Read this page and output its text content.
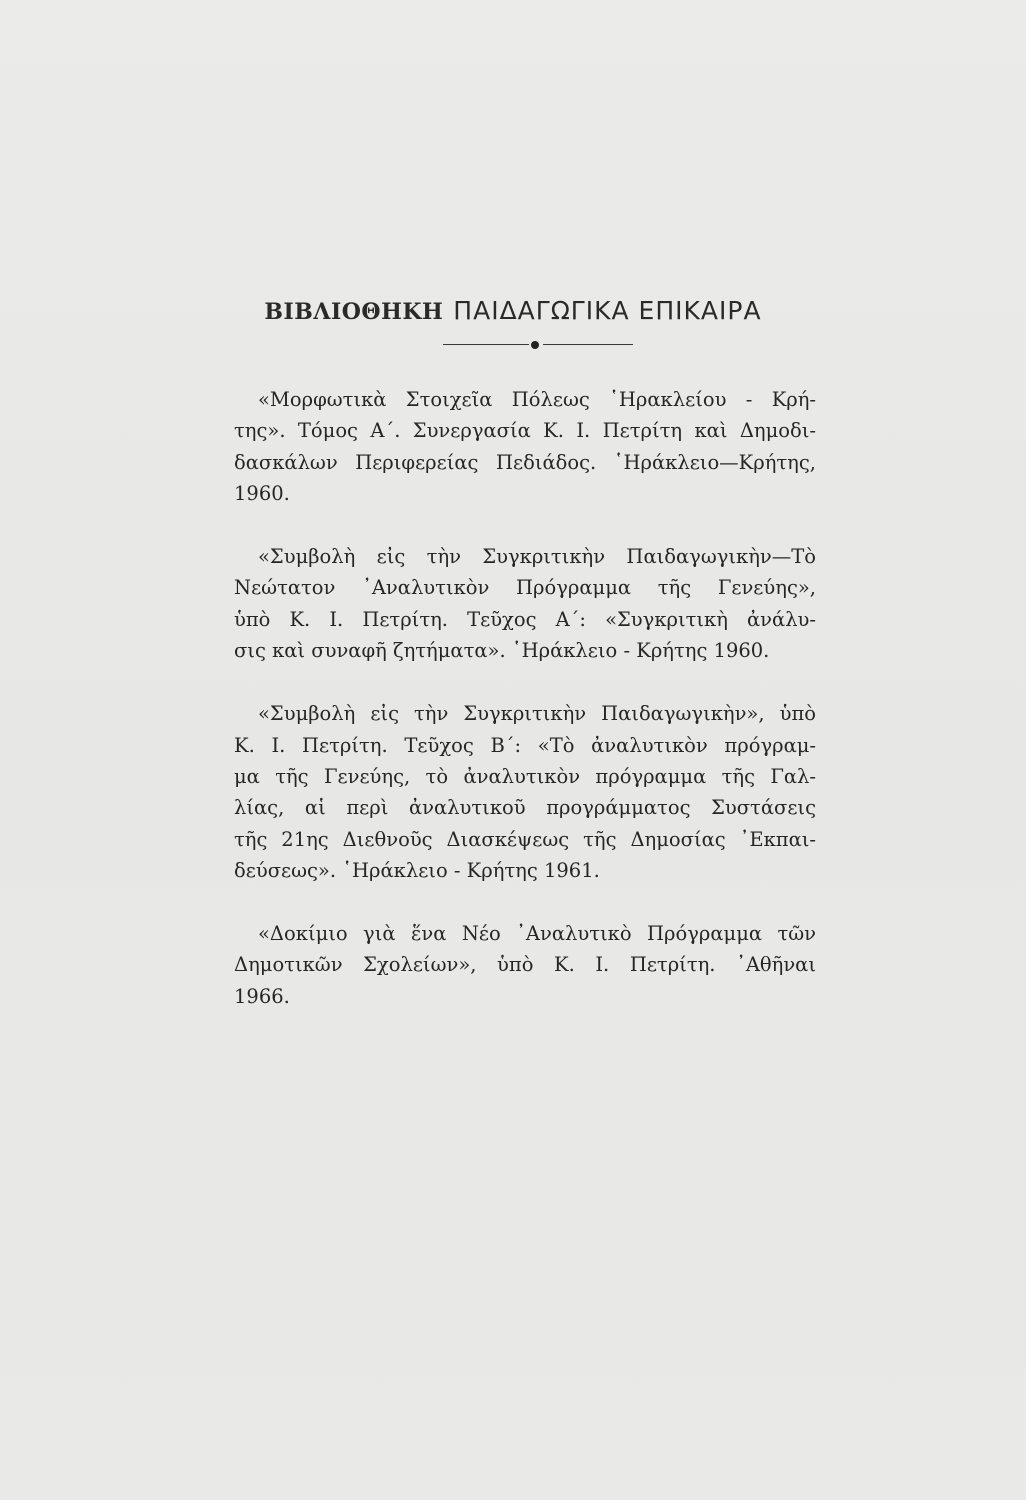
ΒΙΒΛΙΟΘΗΚΗ ΠΑΙΔΑΓΩΓΙΚΑ ΕΠΙΚΑΙΡΑ
«Μορφωτικὰ Στοιχεῖα Πόλεως ῾Ηρακλείου - Κρή-
της». Τόμος Α΄. Συνεργασία Κ. Ι. Πετρίτη καὶ Δημοδι-
δασκάλων Περιφερείας Πεδιάδος. ῾Ηράκλειο—Κρήτης,
1960.
«Συμβολὴ εἰς τὴν Συγκριτικὴν Παιδαγωγικὴν—Τὸ
Νεώτατον ᾿Αναλυτικὸν Πρόγραμμα τῆς Γενεύης»,
ὑπὸ Κ. Ι. Πετρίτη. Τεῦχος Α΄: «Συγκριτικὴ ἀνάλυ-
σις καὶ συναφῆ ζητήματα». ῾Ηράκλειο - Κρήτης 1960.
«Συμβολὴ εἰς τὴν Συγκριτικὴν Παιδαγωγικὴν», ὑπὸ
Κ. Ι. Πετρίτη. Τεῦχος Β΄: «Τὸ ἀναλυτικὸν πρόγραμ-
μα τῆς Γενεύης, τὸ ἀναλυτικὸν πρόγραμμα τῆς Γαλ-
λίας, αἱ περὶ ἀναλυτικοῦ προγράμματος Συστάσεις
τῆς 21ης Διεθνοῦς Διασκέψεως τῆς Δημοσίας ᾿Εκπαι-
δεύσεως». ῾Ηράκλειο - Κρήτης 1961.
«Δοκίμιο γιὰ ἕνα Νέο ᾿Αναλυτικὸ Πρόγραμμα τῶν
Δημοτικῶν Σχολείων», ὑπὸ Κ. Ι. Πετρίτη. ᾿Αθῆναι
1966.
